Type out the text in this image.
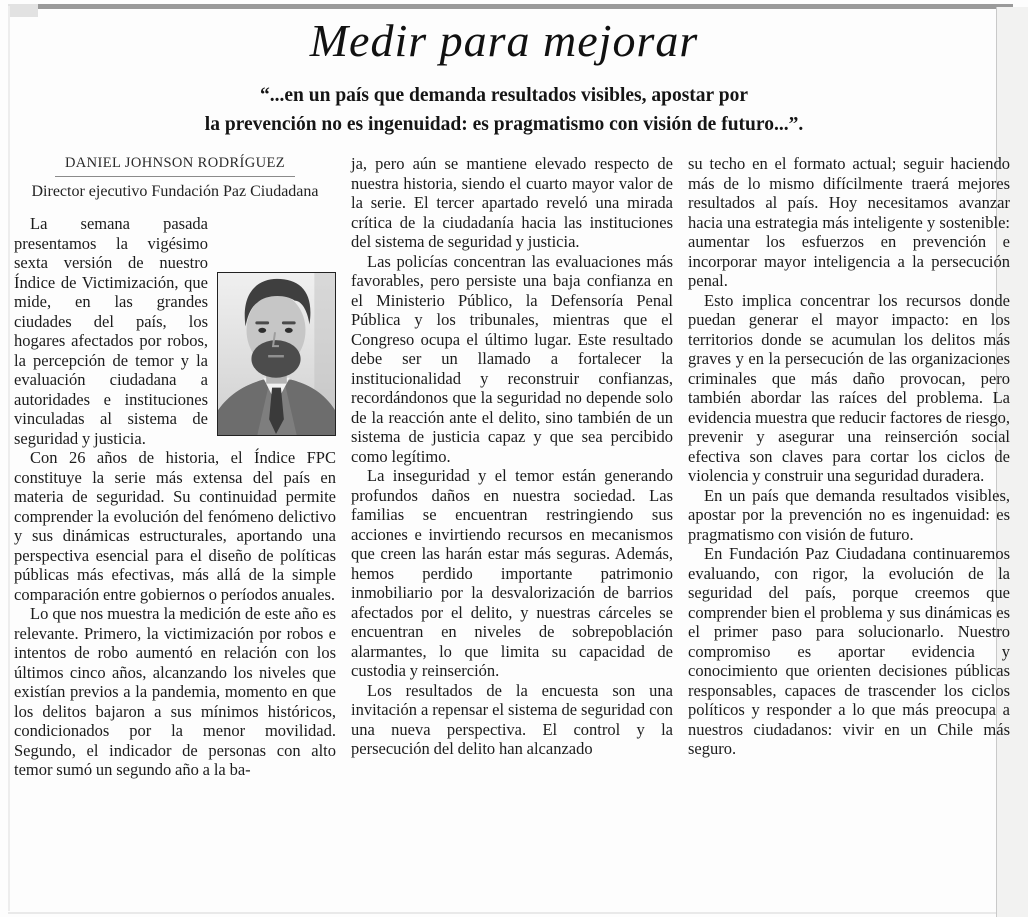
Medir para mejorar
“...en un país que demanda resultados visibles, apostar por
la prevención no es ingenuidad: es pragmatismo con visión de futuro...”.
DANIEL JOHNSON RODRÍGUEZ
Director ejecutivo Fundación Paz Ciudadana

La semana pasada presentamos la vigésimo sexta versión de nuestro Índice de Victimización, que mide, en las grandes ciudades del país, los hogares afectados por robos, la percepción de temor y la evaluación ciudadana a autoridades e instituciones vinculadas al sistema de seguridad y justicia.

Con 26 años de historia, el Índice FPC constituye la serie más extensa del país en materia de seguridad. Su continuidad permite comprender la evolución del fenómeno delictivo y sus dinámicas estructurales, aportando una perspectiva esencial para el diseño de políticas públicas más efectivas, más allá de la simple comparación entre gobiernos o períodos anuales.

Lo que nos muestra la medición de este año es relevante. Primero, la victimización por robos e intentos de robo aumentó en relación con los últimos cinco años, alcanzando los niveles que existían previos a la pandemia, momento en que los delitos bajaron a sus mínimos históricos, condicionados por la menor movilidad. Segundo, el indicador de personas con alto temor sumó un segundo año a la ba-

ja, pero aún se mantiene elevado respecto de nuestra historia, siendo el cuarto mayor valor de la serie. El tercer apartado reveló una mirada crítica de la ciudadanía hacia las instituciones del sistema de seguridad y justicia.

Las policías concentran las evaluaciones más favorables, pero persiste una baja confianza en el Ministerio Público, la Defensoría Penal Pública y los tribunales, mientras que el Congreso ocupa el último lugar. Este resultado debe ser un llamado a fortalecer la institucionalidad y reconstruir confianzas, recordándonos que la seguridad no depende solo de la reacción ante el delito, sino también de un sistema de justicia capaz y que sea percibido como legítimo.

La inseguridad y el temor están generando profundos daños en nuestra sociedad. Las familias se encuentran restringiendo sus acciones e invirtiendo recursos en mecanismos que creen las harán estar más seguras. Además, hemos perdido importante patrimonio inmobiliario por la desvalorización de barrios afectados por el delito, y nuestras cárceles se encuentran en niveles de sobrepoblación alarmantes, lo que limita su capacidad de custodia y reinserción.

Los resultados de la encuesta son una invitación a repensar el sistema de seguridad con una nueva perspectiva. El control y la persecución del delito han alcanzado

su techo en el formato actual; seguir haciendo más de lo mismo difícilmente traerá mejores resultados al país. Hoy necesitamos avanzar hacia una estrategia más inteligente y sostenible: aumentar los esfuerzos en prevención e incorporar mayor inteligencia a la persecución penal.

Esto implica concentrar los recursos donde puedan generar el mayor impacto: en los territorios donde se acumulan los delitos más graves y en la persecución de las organizaciones criminales que más daño provocan, pero también abordar las raíces del problema. La evidencia muestra que reducir factores de riesgo, prevenir y asegurar una reinserción social efectiva son claves para cortar los ciclos de violencia y construir una seguridad duradera.

En un país que demanda resultados visibles, apostar por la prevención no es ingenuidad: es pragmatismo con visión de futuro.

En Fundación Paz Ciudadana continuaremos evaluando, con rigor, la evolución de la seguridad del país, porque creemos que comprender bien el problema y sus dinámicas es el primer paso para solucionarlo. Nuestro compromiso es aportar evidencia y conocimiento que orienten decisiones públicas responsables, capaces de trascender los ciclos políticos y responder a lo que más preocupa a nuestros ciudadanos: vivir en un Chile más seguro.
